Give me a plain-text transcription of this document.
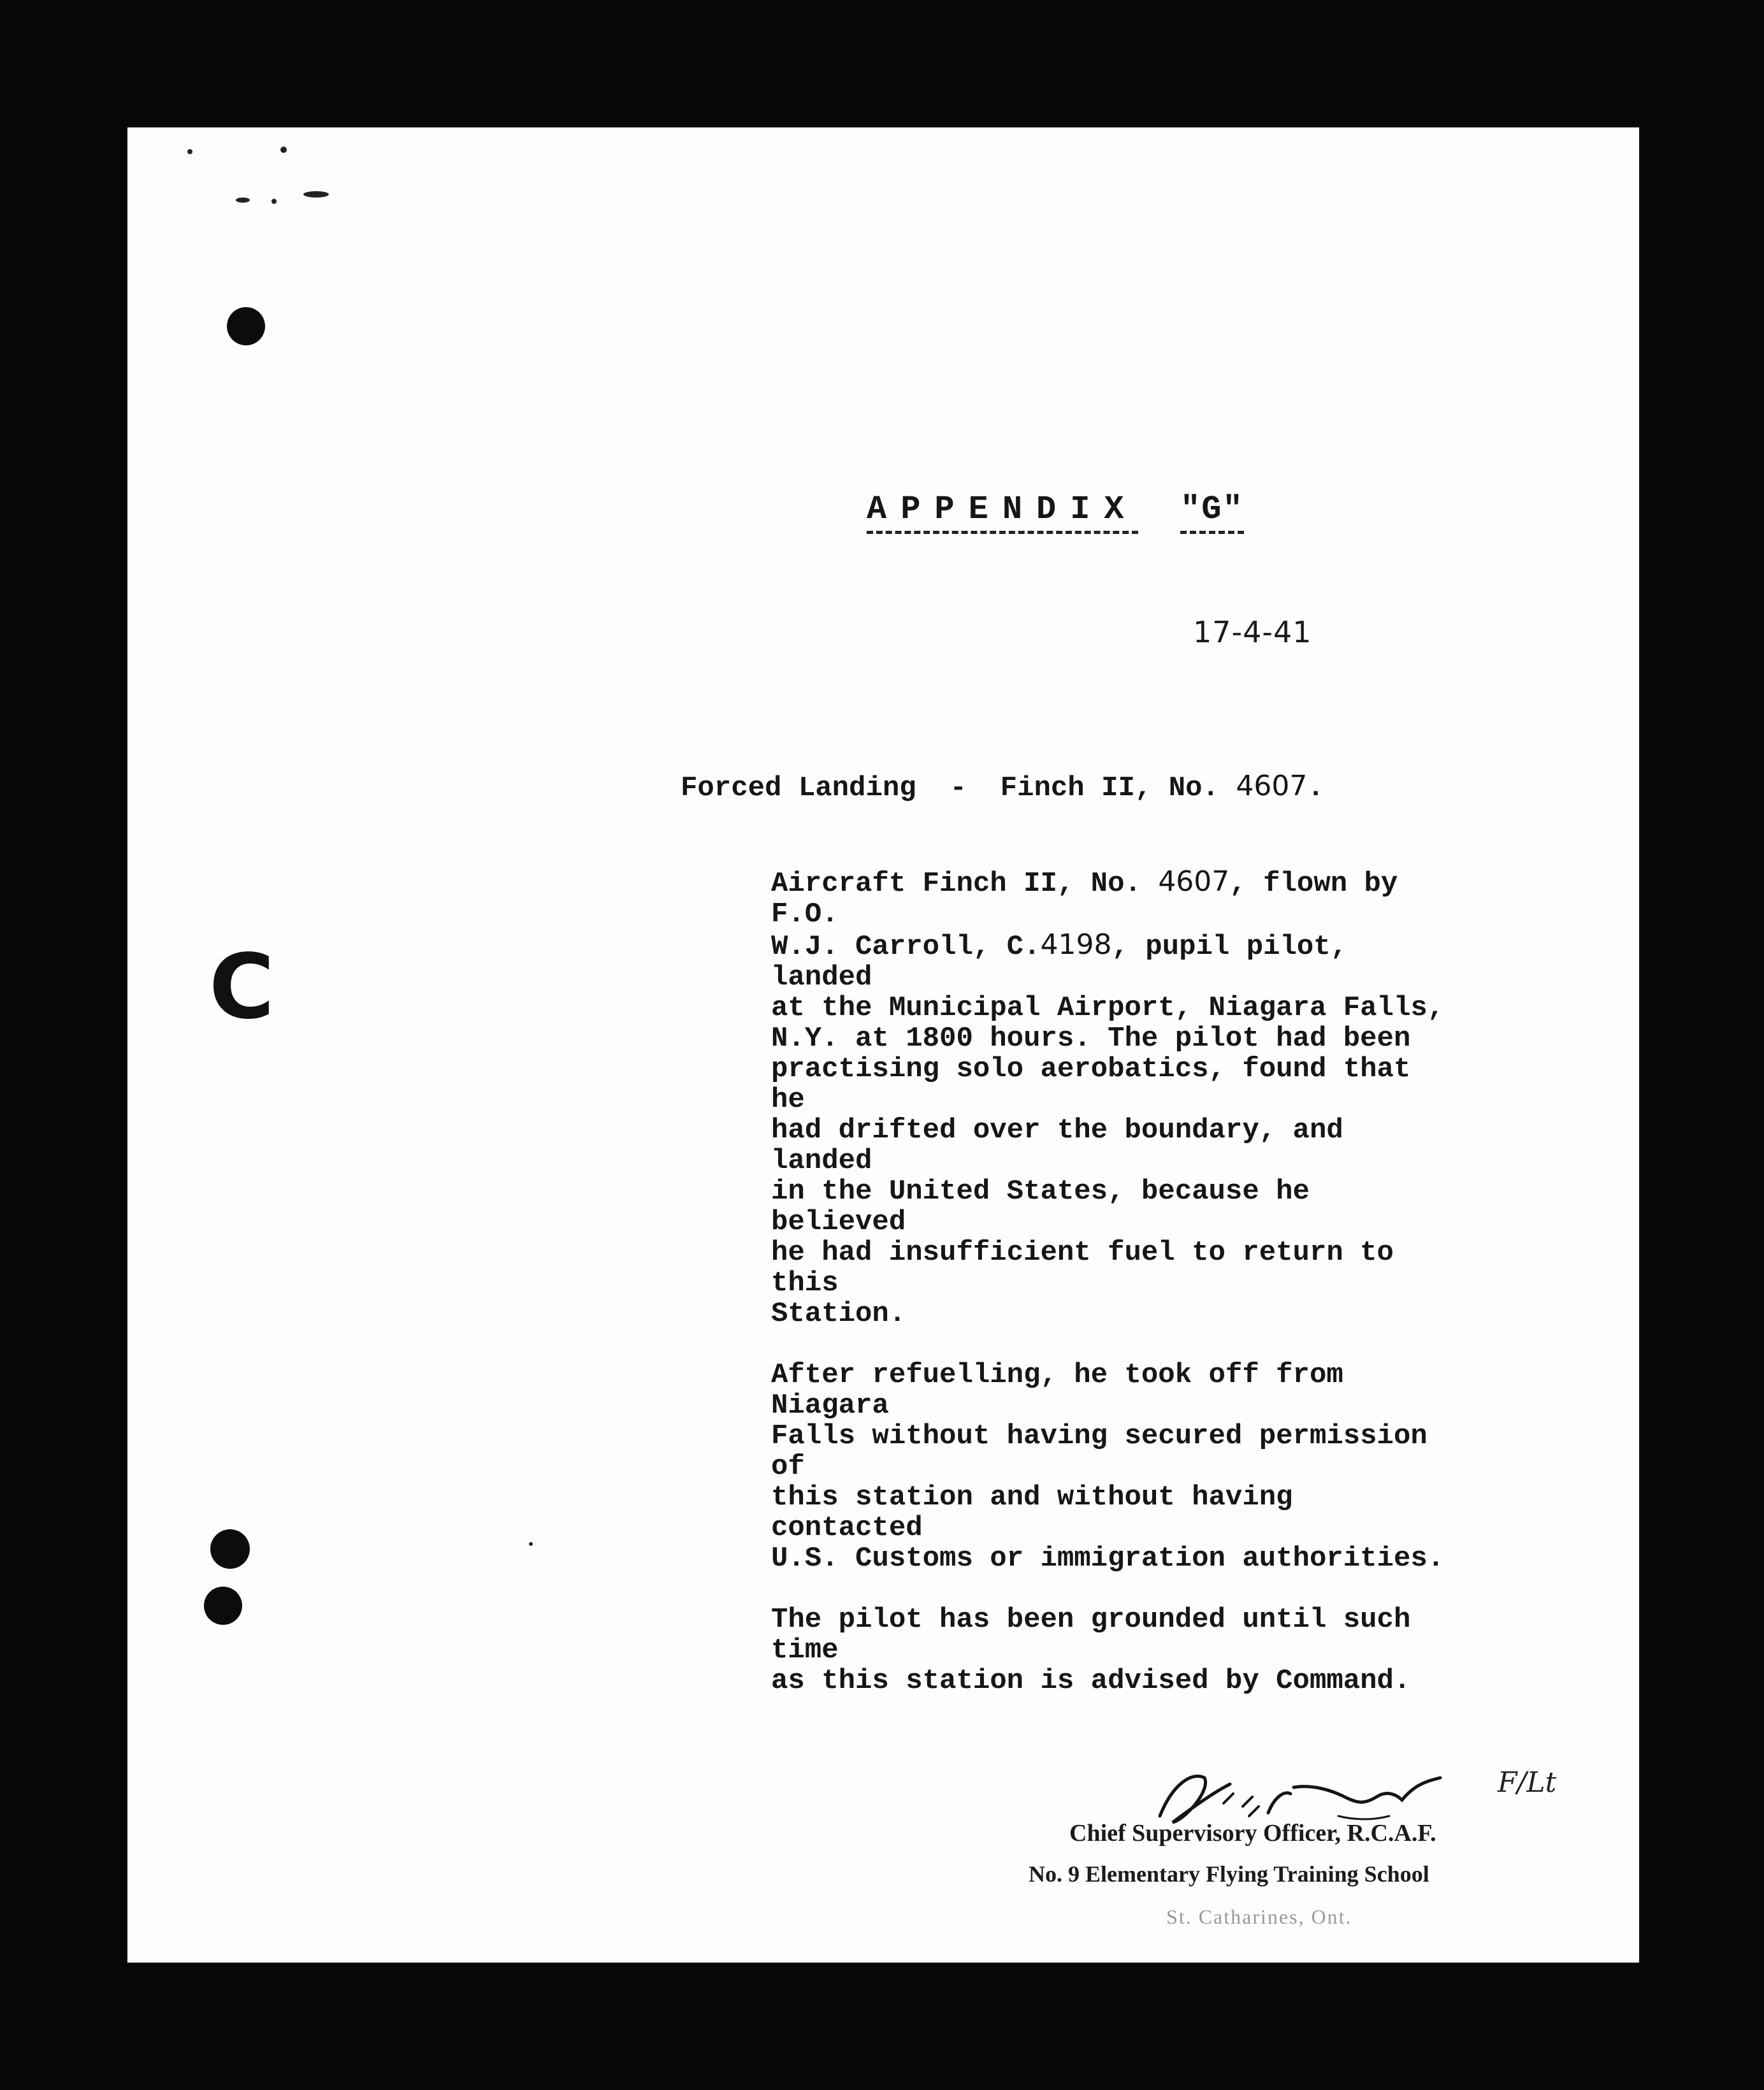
C
APPENDIX "G"
17-4-41
Forced Landing  -  Finch II, No. 4607.

Aircraft Finch II, No. 4607, flown by F.O.
W.J. Carroll, C.4198, pupil pilot, landed
at the Municipal Airport, Niagara Falls,
N.Y. at 1800 hours. The pilot had been
practising solo aerobatics, found that he
had drifted over the boundary, and landed
in the United States, because he believed
he had insufficient fuel to return to this
Station.

After refuelling, he took off from Niagara
Falls without having secured permission of
this station and without having contacted
U.S. Customs or immigration authorities.

The pilot has been grounded until such time
as this station is advised by Command.

F/Lt
Chief Supervisory Officer, R.C.A.F.
No. 9 Elementary Flying Training School
St. Catharines, Ont.
